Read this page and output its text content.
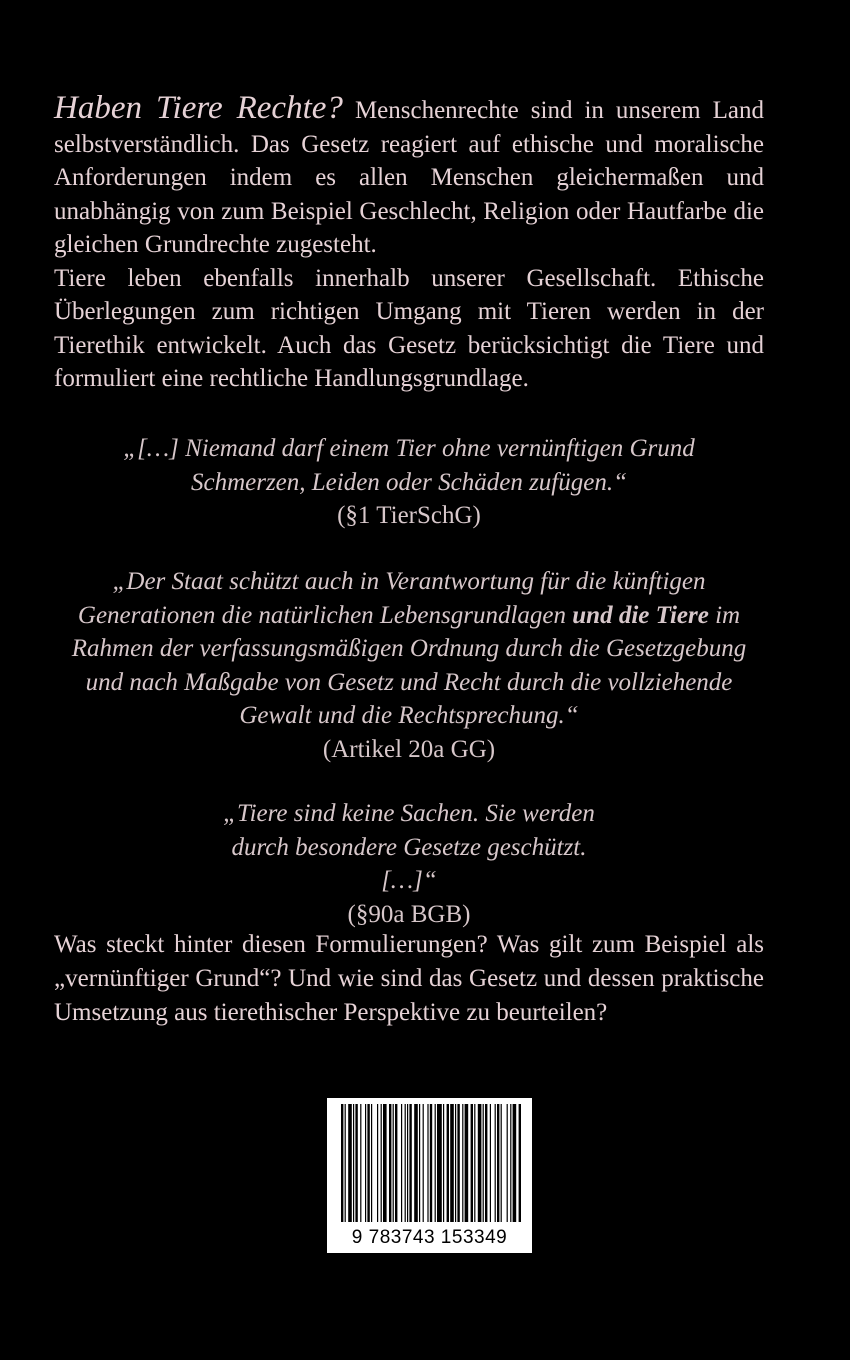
Haben Tiere Rechte? Menschenrechte sind in unserem Land selbstverständlich. Das Gesetz reagiert auf ethische und moralische Anforderungen indem es allen Menschen gleichermaßen und unabhängig von zum Beispiel Geschlecht, Religion oder Hautfarbe die gleichen Grundrechte zugesteht.

Tiere leben ebenfalls innerhalb unserer Gesellschaft. Ethische Überlegungen zum richtigen Umgang mit Tieren werden in der Tierethik entwickelt. Auch das Gesetz berücksichtigt die Tiere und formuliert eine rechtliche Handlungsgrundlage.

„[…] Niemand darf einem Tier ohne vernünftigen Grund Schmerzen, Leiden oder Schäden zufügen.“
(§1 TierSchG)
„Der Staat schützt auch in Verantwortung für die künftigen Generationen die natürlichen Lebensgrundlagen und die Tiere im Rahmen der verfassungsmäßigen Ordnung durch die Gesetzgebung und nach Maßgabe von Gesetz und Recht durch die vollziehende Gewalt und die Rechtsprechung.“
(Artikel 20a GG)
„Tiere sind keine Sachen. Sie werden durch besondere Gesetze geschützt. […]“
(§90a BGB)

Was steckt hinter diesen Formulierungen? Was gilt zum Beispiel als „vernünftiger Grund“? Und wie sind das Gesetz und dessen praktische Umsetzung aus tierethischer Perspektive zu beurteilen?

9 783743 153349
